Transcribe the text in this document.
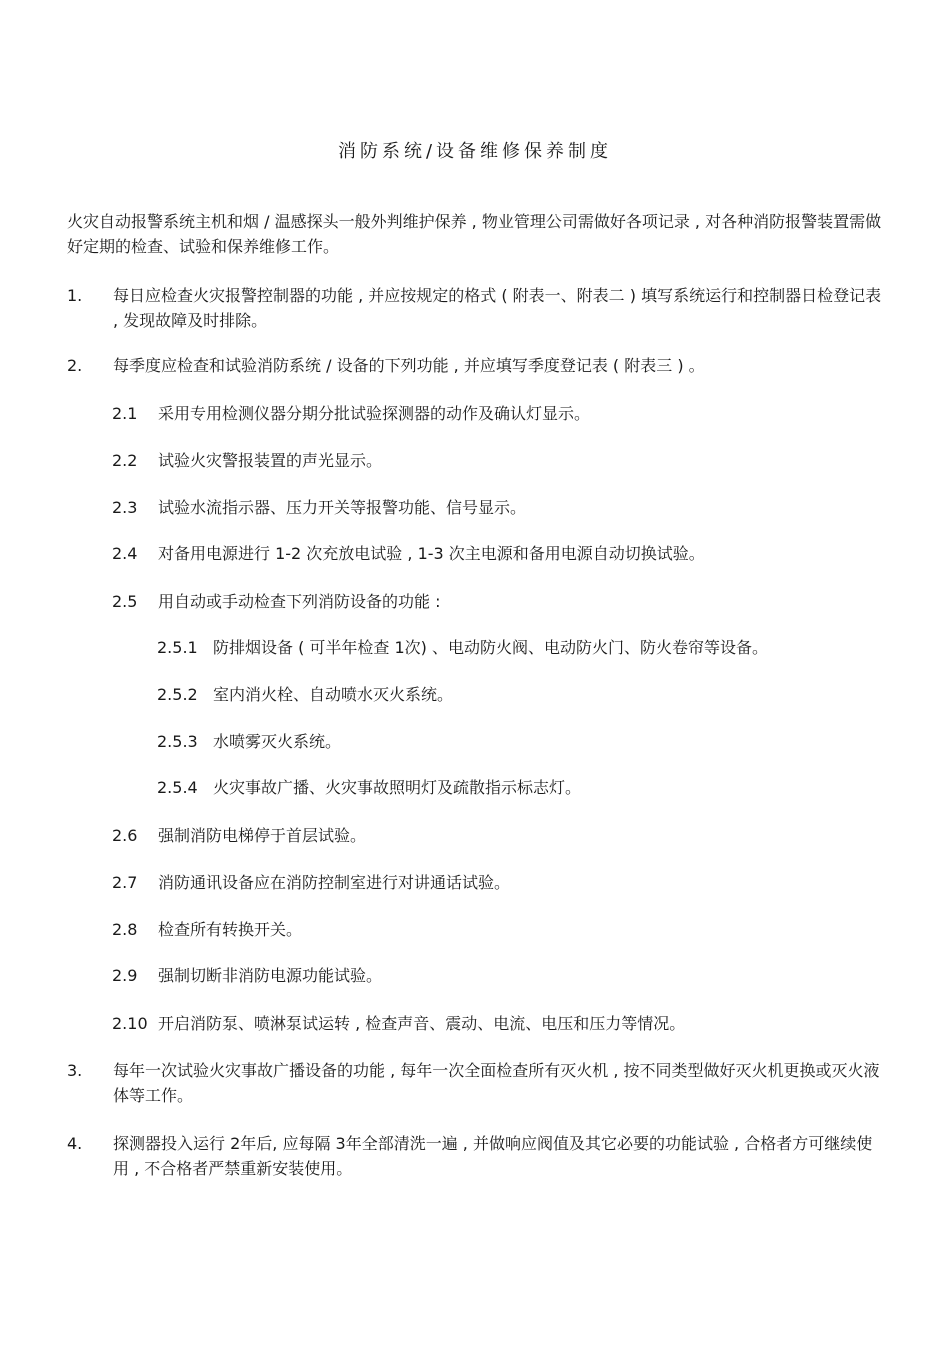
消防系统/设备维修保养制度
火灾自动报警系统主机和烟 / 温感探头一般外判维护保养 , 物业管理公司需做好各项记录 , 对各种消防报警装置需做好定期的检查、试验和保养维修工作。
1. 每日应检查火灾报警控制器的功能 , 并应按规定的格式 ( 附表一、附表二 ) 填写系统运行和控制器日检登记表 , 发现故障及时排除。
2. 每季度应检查和试验消防系统 / 设备的下列功能 , 并应填写季度登记表 ( 附表三 ) 。
2.1 采用专用检测仪器分期分批试验探测器的动作及确认灯显示。
2.2 试验火灾警报装置的声光显示。
2.3 试验水流指示器、压力开关等报警功能、信号显示。
2.4 对备用电源进行 1-2 次充放电试验 , 1-3 次主电源和备用电源自动切换试验。
2.5 用自动或手动检查下列消防设备的功能 :
2.5.1 防排烟设备 ( 可半年检查 1次) 、电动防火阀、电动防火门、防火卷帘等设备。
2.5.2 室内消火栓、自动喷水灭火系统。
2.5.3 水喷雾灭火系统。
2.5.4 火灾事故广播、火灾事故照明灯及疏散指示标志灯。
2.6 强制消防电梯停于首层试验。
2.7 消防通讯设备应在消防控制室进行对讲通话试验。
2.8 检查所有转换开关。
2.9 强制切断非消防电源功能试验。
2.10 开启消防泵、喷淋泵试运转 , 检查声音、震动、电流、电压和压力等情况。
3. 每年一次试验火灾事故广播设备的功能 , 每年一次全面检查所有灭火机 , 按不同类型做好灭火机更换或灭火液体等工作。
4. 探测器投入运行 2年后, 应每隔 3年全部清洗一遍 , 并做响应阀值及其它必要的功能试验 , 合格者方可继续使用 , 不合格者严禁重新安装使用。
